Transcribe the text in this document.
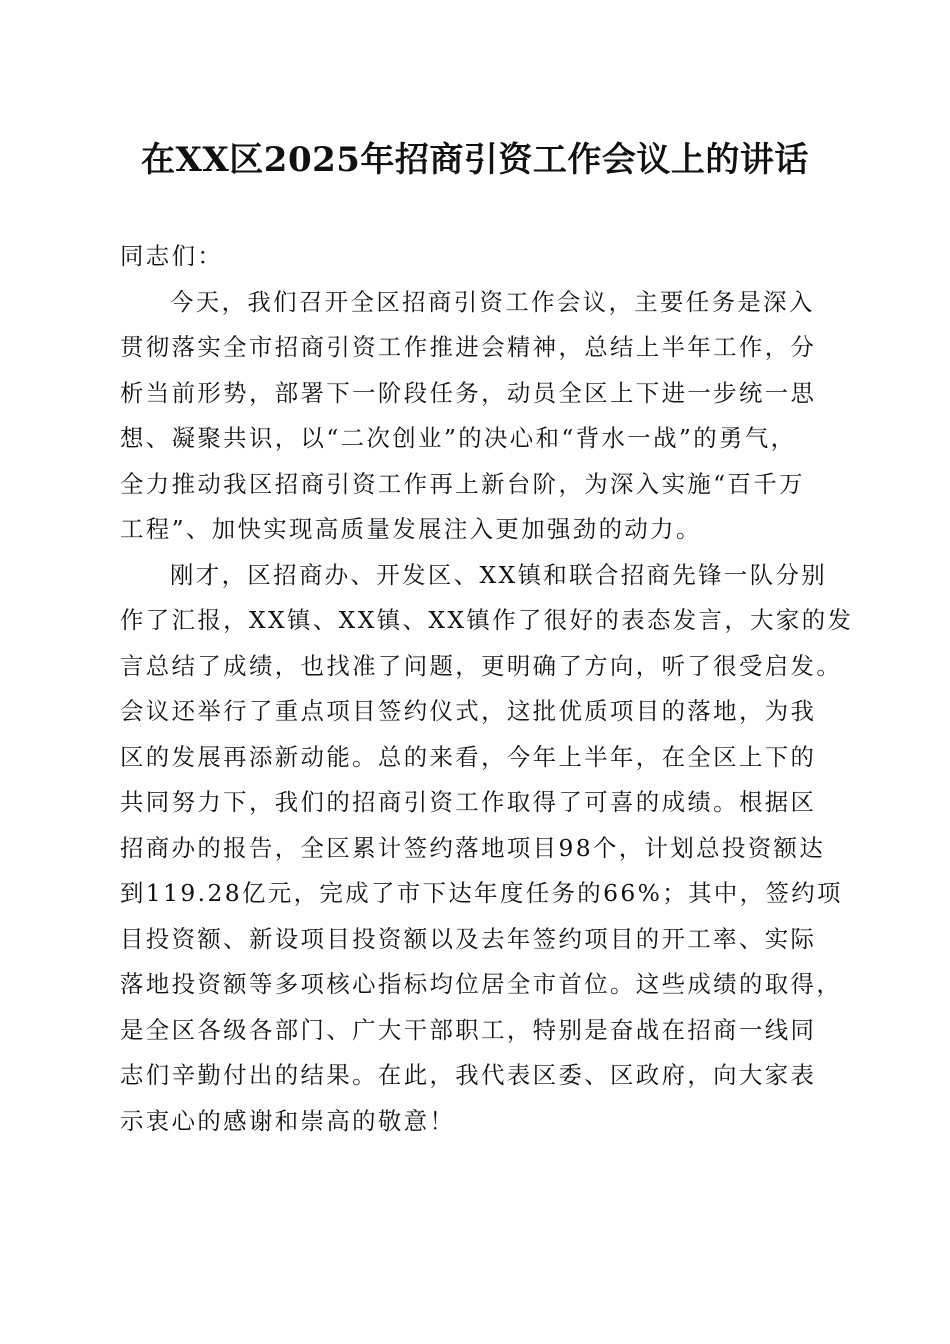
在XX区2025年招商引资工作会议上的讲话

同志们：

今天，我们召开全区招商引资工作会议，主要任务是深入
贯彻落实全市招商引资工作推进会精神，总结上半年工作，分
析当前形势，部署下一阶段任务，动员全区上下进一步统一思
想、凝聚共识，以“二次创业”的决心和“背水一战”的勇气，
全力推动我区招商引资工作再上新台阶，为深入实施“百千万
工程”、加快实现高质量发展注入更加强劲的动力。

刚才，区招商办、开发区、XX镇和联合招商先锋一队分别
作了汇报，XX镇、XX镇、XX镇作了很好的表态发言，大家的发
言总结了成绩，也找准了问题，更明确了方向，听了很受启发。
会议还举行了重点项目签约仪式，这批优质项目的落地，为我
区的发展再添新动能。总的来看，今年上半年，在全区上下的
共同努力下，我们的招商引资工作取得了可喜的成绩。根据区
招商办的报告，全区累计签约落地项目98个，计划总投资额达
到119.28亿元，完成了市下达年度任务的66%；其中，签约项
目投资额、新设项目投资额以及去年签约项目的开工率、实际
落地投资额等多项核心指标均位居全市首位。这些成绩的取得，
是全区各级各部门、广大干部职工，特别是奋战在招商一线同
志们辛勤付出的结果。在此，我代表区委、区政府，向大家表
示衷心的感谢和崇高的敬意！
